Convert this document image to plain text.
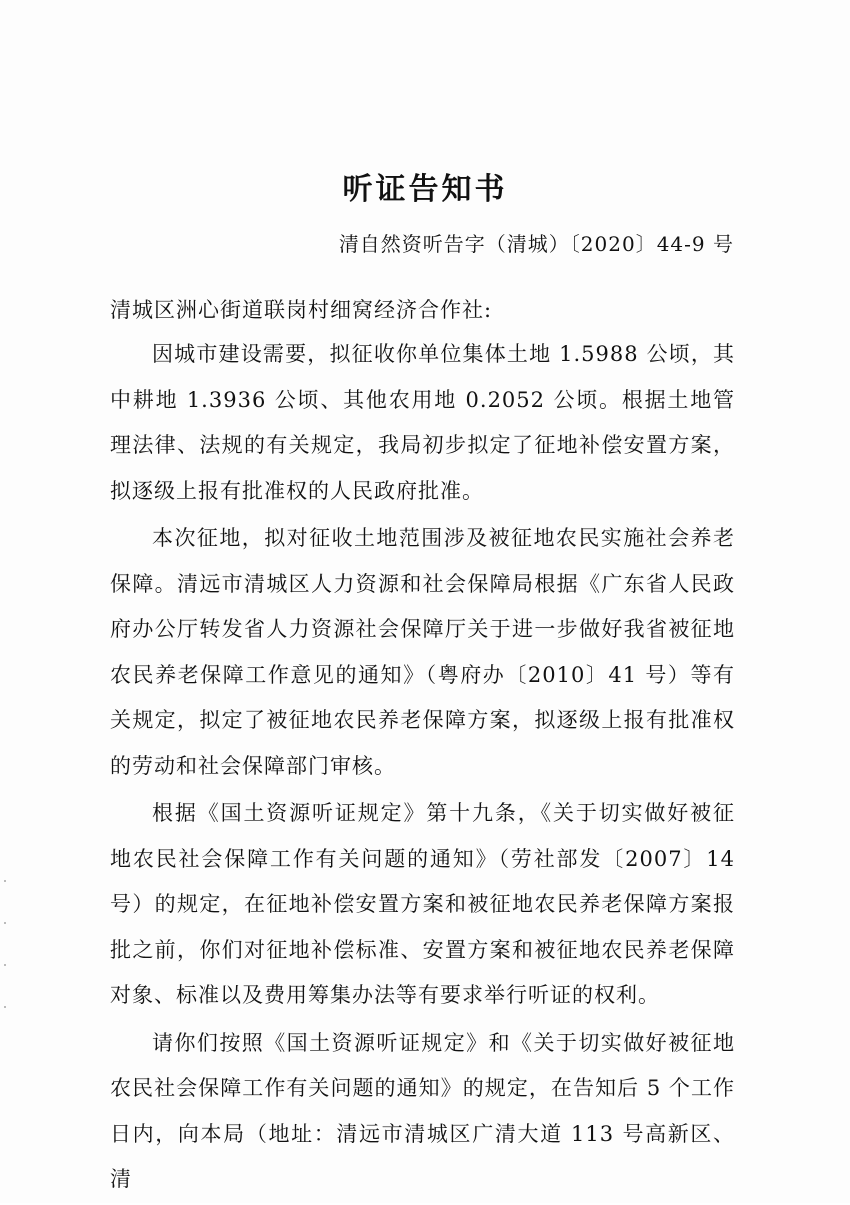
听证告知书
清自然资听告字（清城）〔2020〕44-9 号
清城区洲心街道联岗村细窝经济合作社:

因城市建设需要，拟征收你单位集体土地 1.5988 公顷，其中耕地 1.3936 公顷、其他农用地 0.2052 公顷。根据土地管理法律、法规的有关规定，我局初步拟定了征地补偿安置方案，拟逐级上报有批准权的人民政府批准。

本次征地，拟对征收土地范围涉及被征地农民实施社会养老保障。清远市清城区人力资源和社会保障局根据《广东省人民政府办公厅转发省人力资源社会保障厅关于进一步做好我省被征地农民养老保障工作意见的通知》（粤府办〔2010〕41 号）等有关规定，拟定了被征地农民养老保障方案，拟逐级上报有批准权的劳动和社会保障部门审核。

根据《国土资源听证规定》第十九条，《关于切实做好被征地农民社会保障工作有关问题的通知》（劳社部发〔2007〕14 号）的规定，在征地补偿安置方案和被征地农民养老保障方案报批之前，你们对征地补偿标准、安置方案和被征地农民养老保障对象、标准以及费用筹集办法等有要求举行听证的权利。

请你们按照《国土资源听证规定》和《关于切实做好被征地农民社会保障工作有关问题的通知》的规定，在告知后 5 个工作日内，向本局（地址：清远市清城区广清大道 113 号高新区、清
